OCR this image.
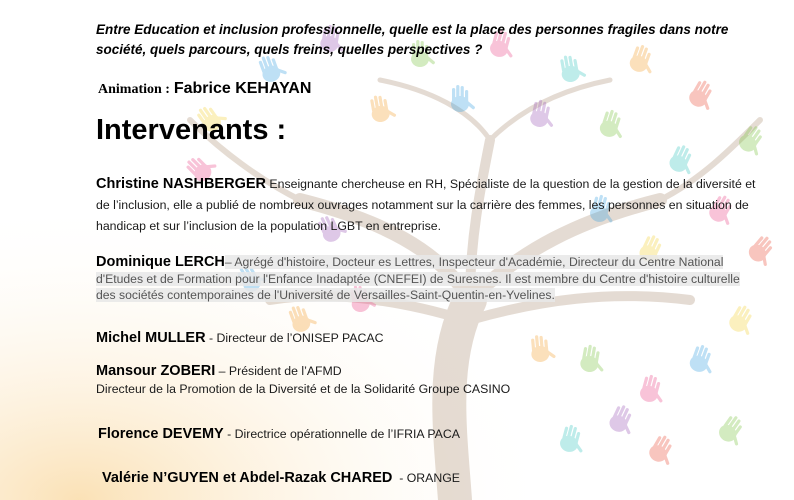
Entre Education et inclusion professionnelle, quelle est la place des personnes fragiles dans notre société, quels parcours, quels freins, quelles perspectives ?
Animation : Fabrice KEHAYAN
Intervenants :
Christine NASHBERGER Enseignante chercheuse en RH, Spécialiste de la question de la gestion de la diversité et de l’inclusion, elle a publié de nombreux ouvrages notamment sur la carrière des femmes, les personnes en situation de handicap et sur l’inclusion de la population LGBT en entreprise.
Dominique LERCH– Agrégé d'histoire, Docteur es Lettres, Inspecteur d'Académie, Directeur du Centre National d'Etudes et de Formation pour l'Enfance Inadaptée (CNEFEI) de Suresnes. Il est membre du Centre d'histoire culturelle des sociétés contemporaines de l'Université de Versailles-Saint-Quentin-en-Yvelines.
Michel MULLER - Directeur de l’ONISEP PACAC
Mansour ZOBERI – Président de l’AFMD
Directeur de la Promotion de la Diversité et de la Solidarité Groupe CASINO
Florence DEVEMY - Directrice opérationnelle de l’IFRIA PACA
Valérie N’GUYEN et Abdel-Razak CHARED  - ORANGE
